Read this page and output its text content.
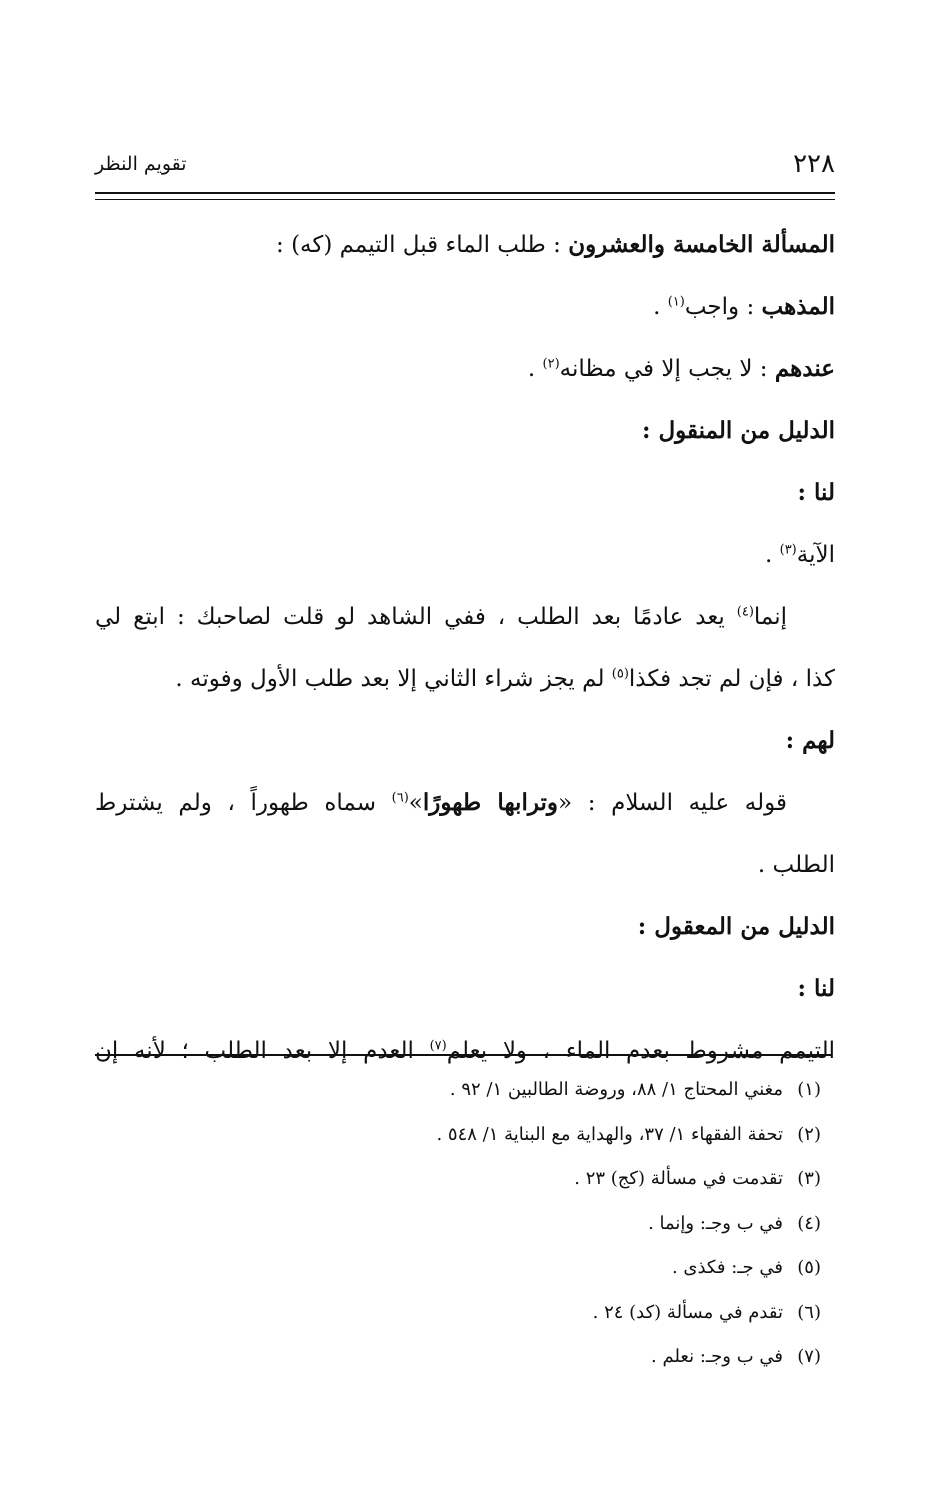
تقويم النظر	٢٢٨
المسألة الخامسة والعشرون : طلب الماء قبل التيمم (كه) :
المذهب : واجب$^{(١)}$ .
عندهم : لا يجب إلا في مظانه$^{(٢)}$ .
الدليل من المنقول :
لنا :
الآية$^{(٣)}$ .
إنما$^{(٤)}$ يعد عادمًا بعد الطلب ، ففي الشاهد لو قلت لصاحبك : ابتع لي
كذا ، فإن لم تجد فكذا$^{(٥)}$ لم يجز شراء الثاني إلا بعد طلب الأول وفوته .
لهم :
قوله عليه السلام : «وترابها طهورًا»$^{(٦)}$ سماه طهوراً ، ولم يشترط
الطلب .
الدليل من المعقول :
لنا :
التيمم مشروط بعدم الماء ، ولا يعلم$^{(٧)}$ العدم إلا بعد الطلب ؛ لأنه إن
(١)مغني المحتاج ١/ ٨٨، وروضة الطالبين ١/ ٩٢ .
(٢)تحفة الفقهاء ١/ ٣٧، والهداية مع البناية ١/ ٥٤٨ .
(٣)تقدمت في مسألة (كج) ٢٣ .
(٤)في ب وجـ: وإنما .
(٥)في جـ: فكذى .
(٦)تقدم في مسألة (كد) ٢٤ .
(٧)في ب وجـ: نعلم .
